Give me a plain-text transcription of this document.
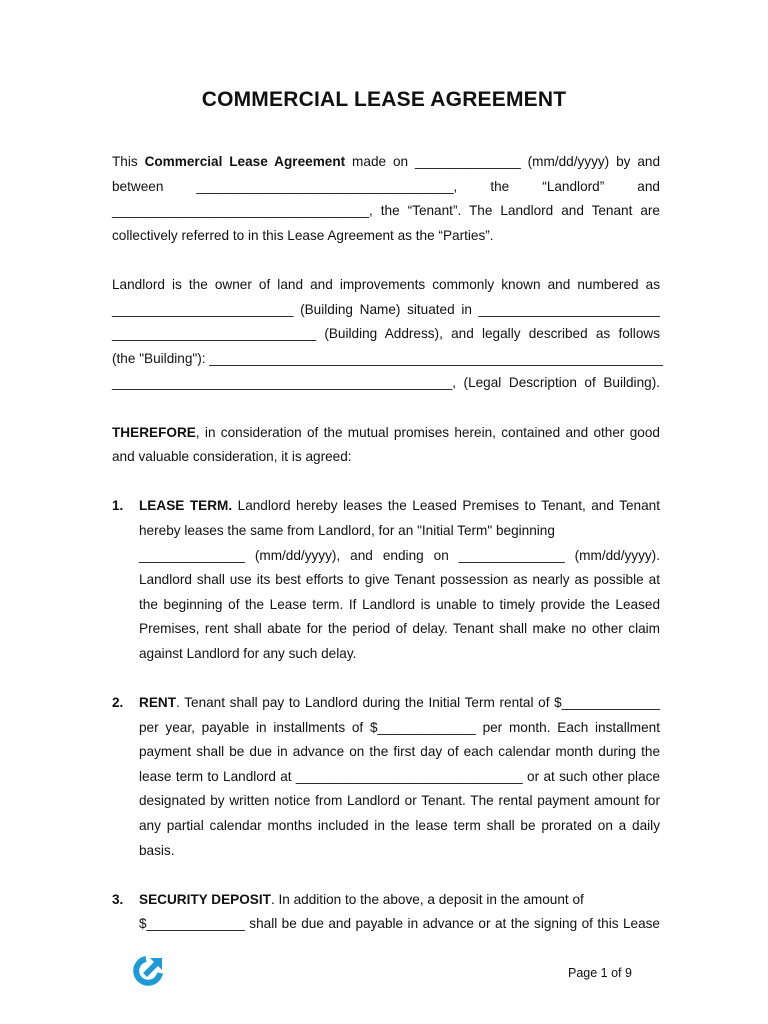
COMMERCIAL LEASE AGREEMENT

This Commercial Lease Agreement made on ______________ (mm/dd/yyyy) by and
between __________________________________, the “Landlord” and
__________________________________, the “Tenant”. The Landlord and Tenant are
collectively referred to in this Lease Agreement as the “Parties”.

Landlord is the owner of land and improvements commonly known and numbered as
________________________ (Building Name) situated in ________________________
___________________________ (Building Address), and legally described as follows
(the "Building"): ____________________________________________________________
_____________________________________________, (Legal Description of Building).

THEREFORE, in consideration of the mutual promises herein, contained and other good
and valuable consideration, it is agreed:

1. LEASE TERM. Landlord hereby leases the Leased Premises to Tenant, and Tenant
hereby leases the same from Landlord, for an "Initial Term" beginning
______________ (mm/dd/yyyy), and ending on ______________ (mm/dd/yyyy).
Landlord shall use its best efforts to give Tenant possession as nearly as possible at
the beginning of the Lease term. If Landlord is unable to timely provide the Leased
Premises, rent shall abate for the period of delay. Tenant shall make no other claim
against Landlord for any such delay.
2. RENT. Tenant shall pay to Landlord during the Initial Term rental of $_____________
per year, payable in installments of $_____________ per month. Each installment
payment shall be due in advance on the first day of each calendar month during the
lease term to Landlord at ______________________________ or at such other place
designated by written notice from Landlord or Tenant. The rental payment amount for
any partial calendar months included in the lease term shall be prorated on a daily
basis.
3. SECURITY DEPOSIT. In addition to the above, a deposit in the amount of
$_____________ shall be due and payable in advance or at the signing of this Lease
Page 1 of 9
